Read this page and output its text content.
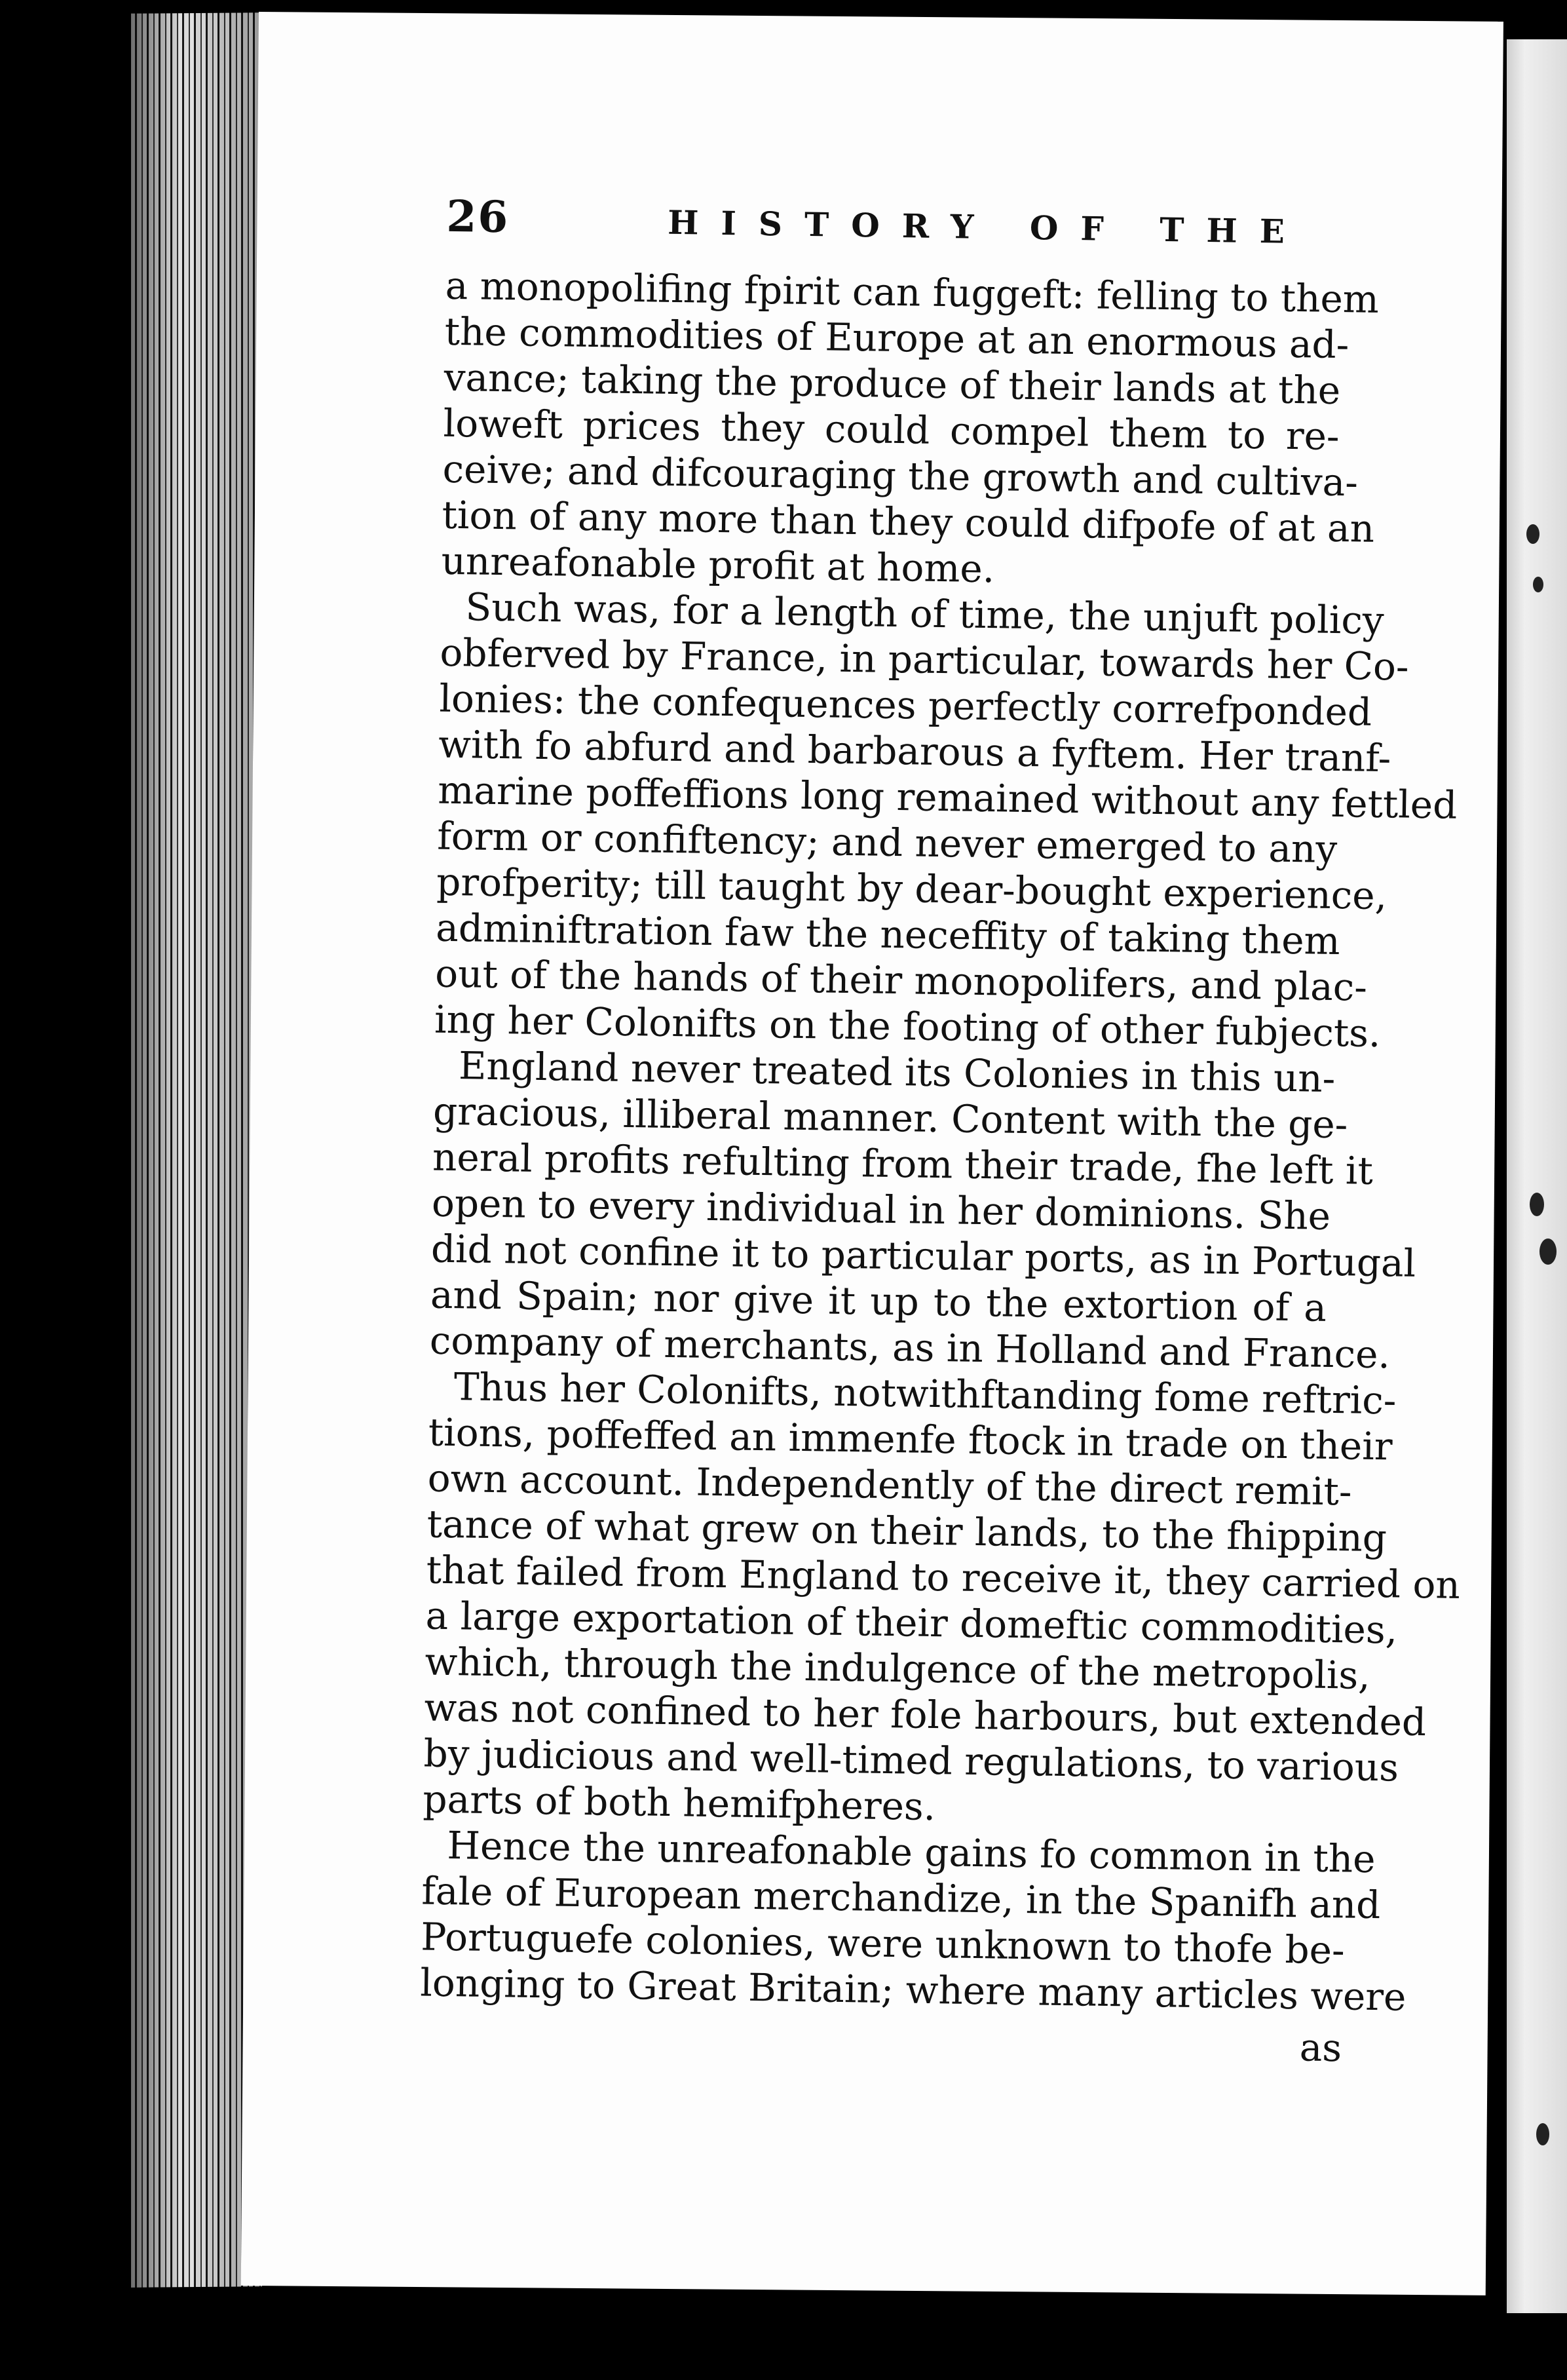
26	HISTORY OF THE
a monopolifing fpirit can fuggeft: felling to them
the commodities of Europe at an enormous ad-
vance; taking the produce of their lands at the
loweft prices they could compel them to re-
ceive; and difcouraging the growth and cultiva-
tion of any more than they could difpofe of at an
unreafonable profit at home.
Such was, for a length of time, the unjuft policy
obferved by France, in particular, towards her Co-
lonies: the confequences perfectly correfponded
with fo abfurd and barbarous a fyftem. Her tranf-
marine poffeffions long remained without any fettled
form or confiftency; and never emerged to any
profperity; till taught by dear-bought experience,
adminiftration faw the neceffity of taking them
out of the hands of their monopolifers, and plac-
ing her Colonifts on the footing of other fubjects.
England never treated its Colonies in this un-
gracious, illiberal manner. Content with the ge-
neral profits refulting from their trade, fhe left it
open to every individual in her dominions. She
did not confine it to particular ports, as in Portugal
and Spain; nor give it up to the extortion of a
company of merchants, as in Holland and France.
Thus her Colonifts, notwithftanding fome reftric-
tions, poffeffed an immenfe ftock in trade on their
own account. Independently of the direct remit-
tance of what grew on their lands, to the fhipping
that failed from England to receive it, they carried on
a large exportation of their domeftic commodities,
which, through the indulgence of the metropolis,
was not confined to her fole harbours, but extended
by judicious and well-timed regulations, to various
parts of both hemifpheres.
Hence the unreafonable gains fo common in the
fale of European merchandize, in the Spanifh and
Portuguefe colonies, were unknown to thofe be-
longing to Great Britain; where many articles were
as
